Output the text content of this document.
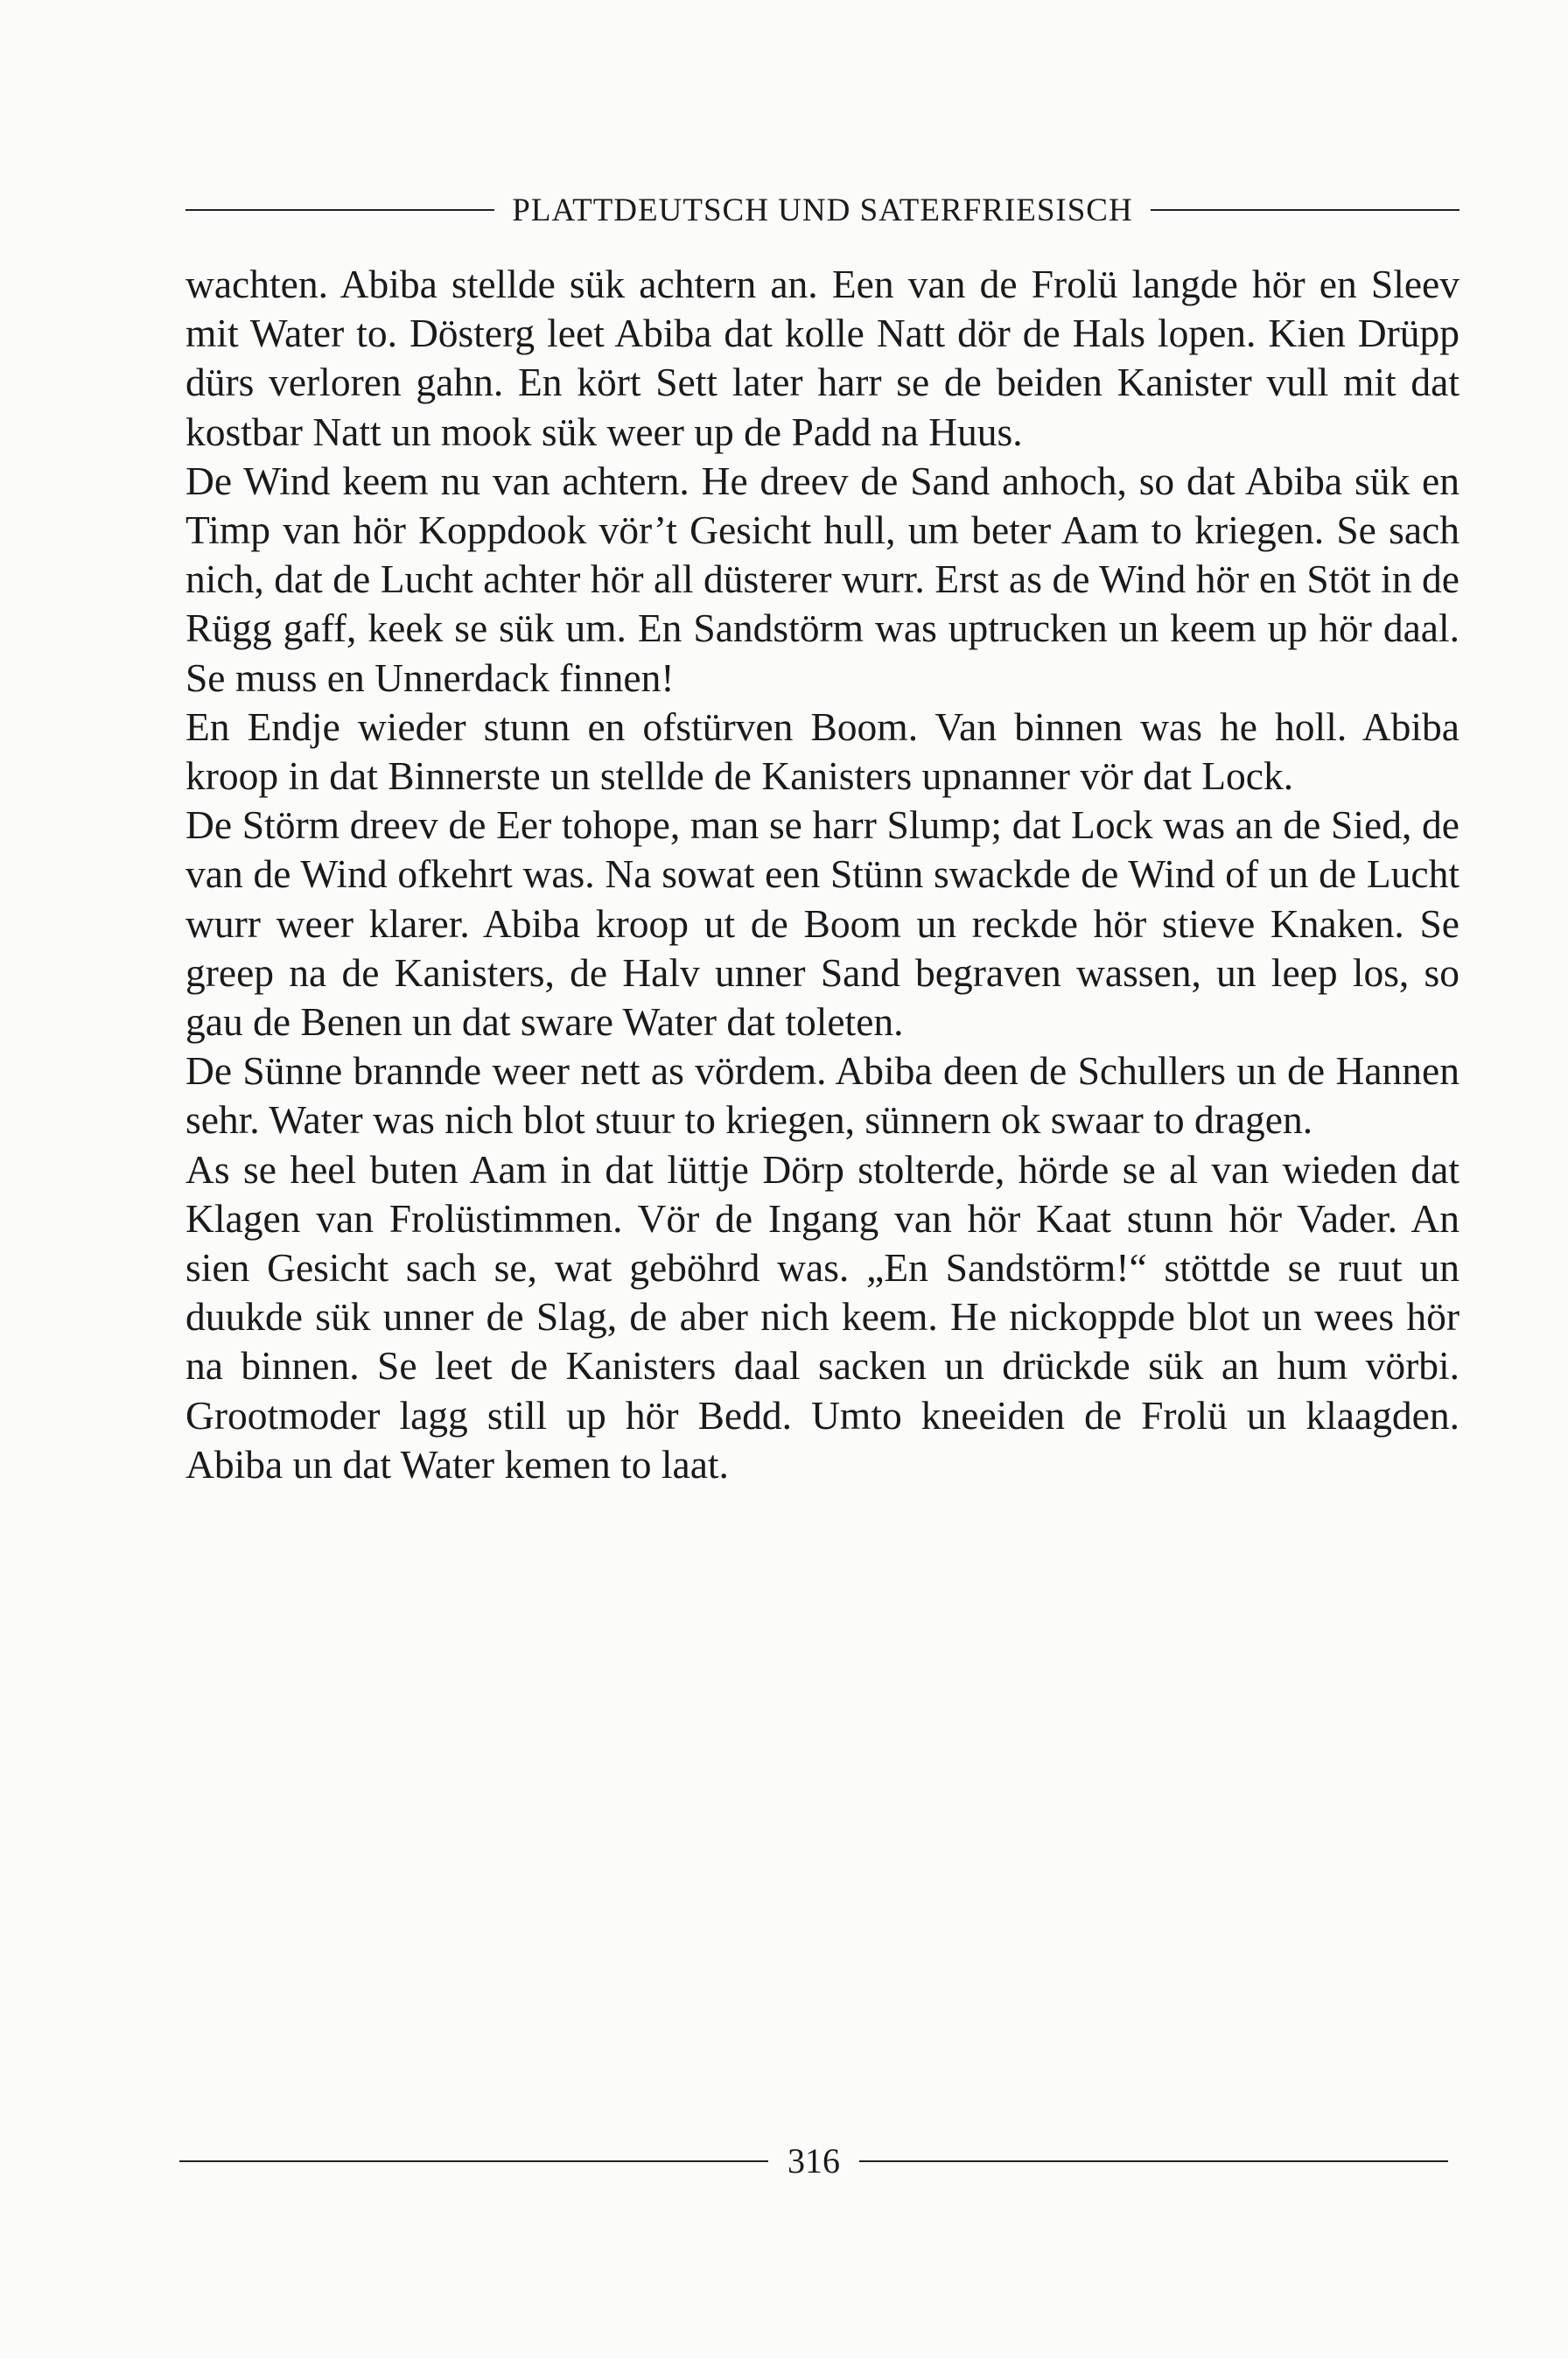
PLATTDEUTSCH UND SATERFRIESISCH

wachten. Abiba stellde sük achtern an. Een van de Frolü langde hör en Sleev mit Water to. Dösterg leet Abiba dat kolle Natt dör de Hals lopen. Kien Drüpp dürs verloren gahn. En kört Sett later harr se de beiden Kanister vull mit dat kostbar Natt un mook sük weer up de Padd na Huus.

De Wind keem nu van achtern. He dreev de Sand anhoch, so dat Abiba sük en Timp van hör Koppdook vör’t Gesicht hull, um beter Aam to kriegen. Se sach nich, dat de Lucht achter hör all düsterer wurr. Erst as de Wind hör en Stöt in de Rügg gaff, keek se sük um. En Sandstörm was uptrucken un keem up hör daal. Se muss en Unnerdack finnen!

En Endje wieder stunn en ofstürven Boom. Van binnen was he holl. Abiba kroop in dat Binnerste un stellde de Kanisters upnanner vör dat Lock.

De Störm dreev de Eer tohope, man se harr Slump; dat Lock was an de Sied, de van de Wind ofkehrt was. Na sowat een Stünn swackde de Wind of un de Lucht wurr weer klarer. Abiba kroop ut de Boom un reckde hör stieve Knaken. Se greep na de Kanisters, de Halv unner Sand begraven wassen, un leep los, so gau de Benen un dat sware Water dat toleten.

De Sünne brannde weer nett as vördem. Abiba deen de Schullers un de Hannen sehr. Water was nich blot stuur to kriegen, sünnern ok swaar to dragen.

As se heel buten Aam in dat lüttje Dörp stolterde, hörde se al van wieden dat Klagen van Frolüstimmen. Vör de Ingang van hör Kaat stunn hör Vader. An sien Gesicht sach se, wat geböhrd was. „En Sandstörm!“ stöttde se ruut un duukde sük unner de Slag, de aber nich keem. He nickoppde blot un wees hör na binnen. Se leet de Kanisters daal sacken un drückde sük an hum vörbi. Grootmoder lagg still up hör Bedd. Umto kneeiden de Frolü un klaagden. Abiba un dat Water kemen to laat.

316
